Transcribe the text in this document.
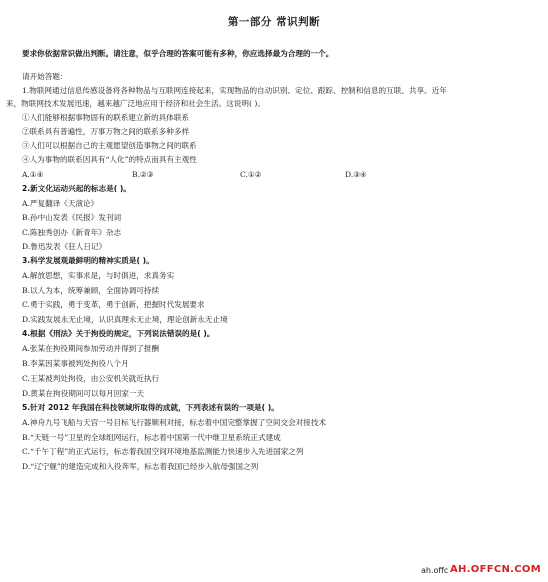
第一部分 常识判断
要求你依据常识做出判断。请注意，似乎合理的答案可能有多种，你应选择最为合理的一个。
请开始答题：
1.物联网通过信息传感设备将各种物品与互联网连接起来，实现物品的自动识别、定位、跟踪、控制和信息的互联、共享。近年
来，物联网技术发展迅速，越来越广泛地应用于经济和社会生活。这说明( )。
①人们能够根据事物固有的联系建立新的具体联系
②联系具有普遍性，万事万物之间的联系多种多样
③人们可以根据自己的主观愿望创造事物之间的联系
④人为事物的联系因具有“人化”的特点而具有主观性
A.①④	B.②③	C.①②	D.③④
2.新文化运动兴起的标志是( )。
A.严复翻译《天演论》
B.孙中山发表《民报》发刊词
C.陈独秀创办《新青年》杂志
D.鲁迅发表《狂人日记》
3.科学发展观最鲜明的精神实质是( )。
A.解放思想，实事求是，与时俱进，求真务实
B.以人为本，统筹兼顾，全面协调可持续
C.勇于实践，勇于变革，勇于创新，把握时代发展要求
D.实践发展永无止境，认识真理永无止境，理论创新永无止境
4.根据《刑法》关于拘役的规定，下列说法错误的是( )。
A.张某在拘役期间参加劳动并得到了报酬
B.李某因某事被判处拘役八个月
C.王某被判处拘役，由公安机关就近执行
D.黄某在拘役期间可以每月回家一天
5.针对 2012 年我国在科技领域所取得的成就，下列表述有误的一项是( )。
A.神舟九号飞船与天宫一号目标飞行器顺利对接，标志着中国完整掌握了空间交会对接技术
B.“天链一号”卫星的全球组网运行，标志着中国第一代中继卫星系统正式建成
C.“千午丁程”的正式运行，标志着我国空间环境地基监测能力快速步入先进国家之列
D.“辽宁舰”的建造完成和入役奔军，标志着我国已经步入航母强国之列
ah.offc AH.OFFCN.COM
